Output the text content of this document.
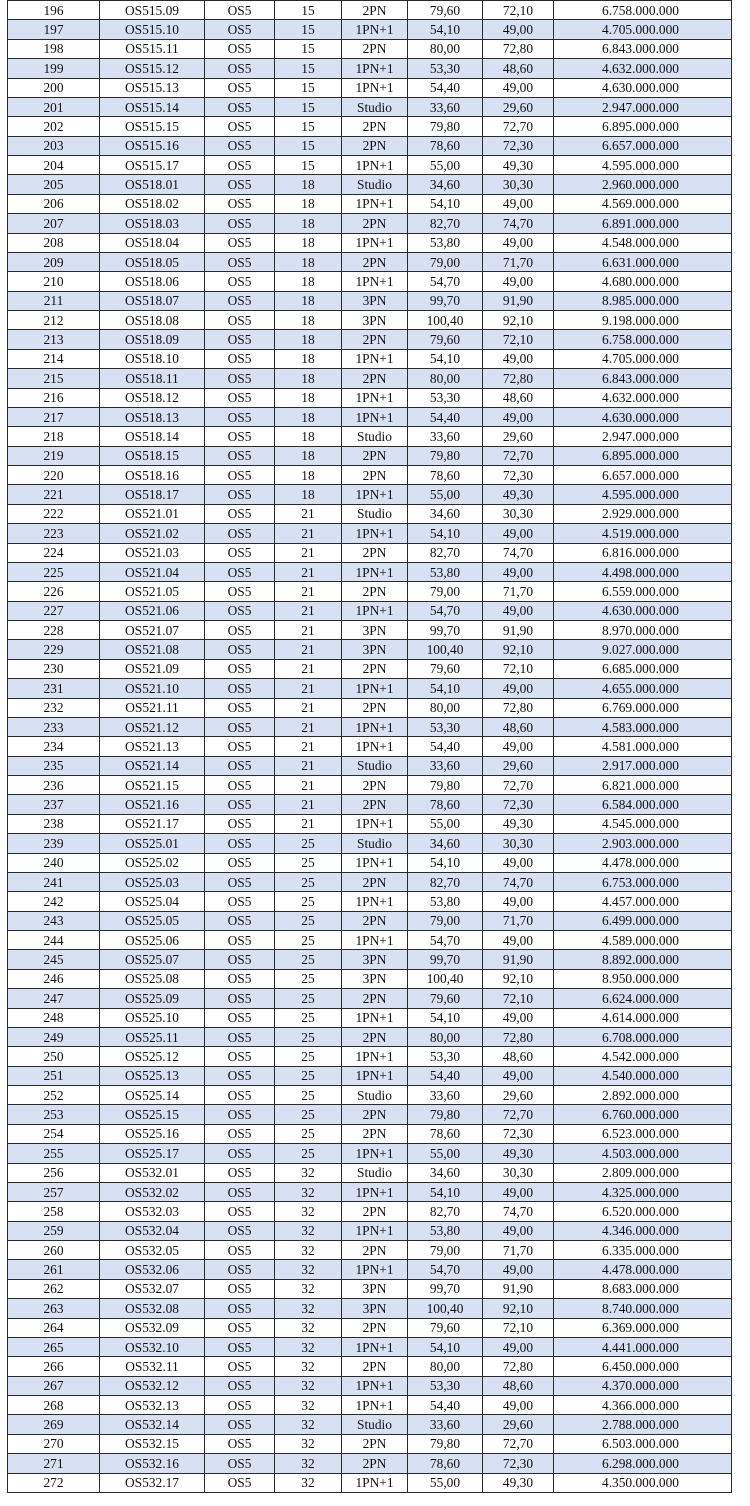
196	OS515.09	OS5	15	2PN	79,60	72,10	6.758.000.000
197	OS515.10	OS5	15	1PN+1	54,10	49,00	4.705.000.000
198	OS515.11	OS5	15	2PN	80,00	72,80	6.843.000.000
199	OS515.12	OS5	15	1PN+1	53,30	48,60	4.632.000.000
200	OS515.13	OS5	15	1PN+1	54,40	49,00	4.630.000.000
201	OS515.14	OS5	15	Studio	33,60	29,60	2.947.000.000
202	OS515.15	OS5	15	2PN	79,80	72,70	6.895.000.000
203	OS515.16	OS5	15	2PN	78,60	72,30	6.657.000.000
204	OS515.17	OS5	15	1PN+1	55,00	49,30	4.595.000.000
205	OS518.01	OS5	18	Studio	34,60	30,30	2.960.000.000
206	OS518.02	OS5	18	1PN+1	54,10	49,00	4.569.000.000
207	OS518.03	OS5	18	2PN	82,70	74,70	6.891.000.000
208	OS518.04	OS5	18	1PN+1	53,80	49,00	4.548.000.000
209	OS518.05	OS5	18	2PN	79,00	71,70	6.631.000.000
210	OS518.06	OS5	18	1PN+1	54,70	49,00	4.680.000.000
211	OS518.07	OS5	18	3PN	99,70	91,90	8.985.000.000
212	OS518.08	OS5	18	3PN	100,40	92,10	9.198.000.000
213	OS518.09	OS5	18	2PN	79,60	72,10	6.758.000.000
214	OS518.10	OS5	18	1PN+1	54,10	49,00	4.705.000.000
215	OS518.11	OS5	18	2PN	80,00	72,80	6.843.000.000
216	OS518.12	OS5	18	1PN+1	53,30	48,60	4.632.000.000
217	OS518.13	OS5	18	1PN+1	54,40	49,00	4.630.000.000
218	OS518.14	OS5	18	Studio	33,60	29,60	2.947.000.000
219	OS518.15	OS5	18	2PN	79,80	72,70	6.895.000.000
220	OS518.16	OS5	18	2PN	78,60	72,30	6.657.000.000
221	OS518.17	OS5	18	1PN+1	55,00	49,30	4.595.000.000
222	OS521.01	OS5	21	Studio	34,60	30,30	2.929.000.000
223	OS521.02	OS5	21	1PN+1	54,10	49,00	4.519.000.000
224	OS521.03	OS5	21	2PN	82,70	74,70	6.816.000.000
225	OS521.04	OS5	21	1PN+1	53,80	49,00	4.498.000.000
226	OS521.05	OS5	21	2PN	79,00	71,70	6.559.000.000
227	OS521.06	OS5	21	1PN+1	54,70	49,00	4.630.000.000
228	OS521.07	OS5	21	3PN	99,70	91,90	8.970.000.000
229	OS521.08	OS5	21	3PN	100,40	92,10	9.027.000.000
230	OS521.09	OS5	21	2PN	79,60	72,10	6.685.000.000
231	OS521.10	OS5	21	1PN+1	54,10	49,00	4.655.000.000
232	OS521.11	OS5	21	2PN	80,00	72,80	6.769.000.000
233	OS521.12	OS5	21	1PN+1	53,30	48,60	4.583.000.000
234	OS521.13	OS5	21	1PN+1	54,40	49,00	4.581.000.000
235	OS521.14	OS5	21	Studio	33,60	29,60	2.917.000.000
236	OS521.15	OS5	21	2PN	79,80	72,70	6.821.000.000
237	OS521.16	OS5	21	2PN	78,60	72,30	6.584.000.000
238	OS521.17	OS5	21	1PN+1	55,00	49,30	4.545.000.000
239	OS525.01	OS5	25	Studio	34,60	30,30	2.903.000.000
240	OS525.02	OS5	25	1PN+1	54,10	49,00	4.478.000.000
241	OS525.03	OS5	25	2PN	82,70	74,70	6.753.000.000
242	OS525.04	OS5	25	1PN+1	53,80	49,00	4.457.000.000
243	OS525.05	OS5	25	2PN	79,00	71,70	6.499.000.000
244	OS525.06	OS5	25	1PN+1	54,70	49,00	4.589.000.000
245	OS525.07	OS5	25	3PN	99,70	91,90	8.892.000.000
246	OS525.08	OS5	25	3PN	100,40	92,10	8.950.000.000
247	OS525.09	OS5	25	2PN	79,60	72,10	6.624.000.000
248	OS525.10	OS5	25	1PN+1	54,10	49,00	4.614.000.000
249	OS525.11	OS5	25	2PN	80,00	72,80	6.708.000.000
250	OS525.12	OS5	25	1PN+1	53,30	48,60	4.542.000.000
251	OS525.13	OS5	25	1PN+1	54,40	49,00	4.540.000.000
252	OS525.14	OS5	25	Studio	33,60	29,60	2.892.000.000
253	OS525.15	OS5	25	2PN	79,80	72,70	6.760.000.000
254	OS525.16	OS5	25	2PN	78,60	72,30	6.523.000.000
255	OS525.17	OS5	25	1PN+1	55,00	49,30	4.503.000.000
256	OS532.01	OS5	32	Studio	34,60	30,30	2.809.000.000
257	OS532.02	OS5	32	1PN+1	54,10	49,00	4.325.000.000
258	OS532.03	OS5	32	2PN	82,70	74,70	6.520.000.000
259	OS532.04	OS5	32	1PN+1	53,80	49,00	4.346.000.000
260	OS532.05	OS5	32	2PN	79,00	71,70	6.335.000.000
261	OS532.06	OS5	32	1PN+1	54,70	49,00	4.478.000.000
262	OS532.07	OS5	32	3PN	99,70	91,90	8.683.000.000
263	OS532.08	OS5	32	3PN	100,40	92,10	8.740.000.000
264	OS532.09	OS5	32	2PN	79,60	72,10	6.369.000.000
265	OS532.10	OS5	32	1PN+1	54,10	49,00	4.441.000.000
266	OS532.11	OS5	32	2PN	80,00	72,80	6.450.000.000
267	OS532.12	OS5	32	1PN+1	53,30	48,60	4.370.000.000
268	OS532.13	OS5	32	1PN+1	54,40	49,00	4.366.000.000
269	OS532.14	OS5	32	Studio	33,60	29,60	2.788.000.000
270	OS532.15	OS5	32	2PN	79,80	72,70	6.503.000.000
271	OS532.16	OS5	32	2PN	78,60	72,30	6.298.000.000
272	OS532.17	OS5	32	1PN+1	55,00	49,30	4.350.000.000
